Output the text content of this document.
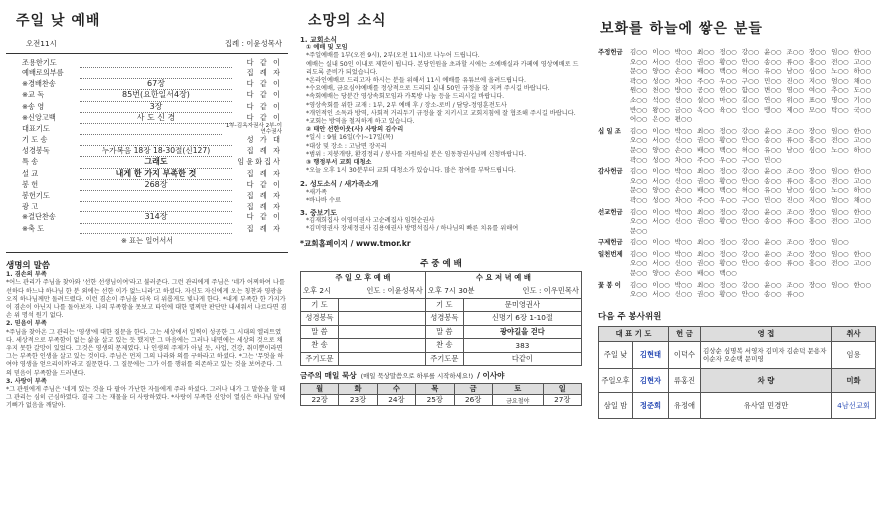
주일 낮 예배
오전11시	집례 : 이윤성목사
조용한기도	다 같 이
예배로의부름	집 례 자
※경배찬송	67장	다 같 이
※교 독	85번(요한일서4장)	다 같 이
※송 영	3장	다 같 이
※신앙고백	사 도 신 경	다 같 이
대표기도	1부-김옥자권사 2부-이연수권사
기 도 송	성 가 대
성경봉독	누가복음 18장 18-30절(신127)	집 례 자
특 송	그래도	임윤화집사
설 교	내게 한 가지 부족한 것	집 례 자
봉 헌	268장	다 같 이
봉헌기도	집 례 자
광 고	집 례 자
※결단찬송	314장	다 같 이
※축 도	집 례 자
※ 표는 일어서서
생명의 말씀
1. 겸손의 부족
*어느 관리가 주님을 찾아와 '선한 선생님이여'라고 불러준다. 그런 관리에게 주님은 '네가 어찌하여 나를 선하다 하느냐 하나님 한 분 외에는 선한 이가 없느니라'고 하셨다. 자신도 자신에게 오는 칭찬과 영광을 오직 하나님께만 돌려드렸다. 이런 겸손이 주님을 더욱 더 위롭게도 빛나게 한다. *내게 부족한 한 가지가 이 겸손이 아닌지 나를 돌아보자. 나의 부족함을 못보고 타인에 대한 멸찌만 판단만 내세워서 나르다면 겸손 위 명석 원기 없다.
2. 믿음이 부족
*주님을 찾아온 그 관리는 '영생'에 대한 질문을 한다. 그는 세상에서 일찍이 성공한 그 시대의 엘리트였다. 세상적으로 부족함이 없는 삶을 살고 있는 듯 했지만 그 마음에는 그러나 내면에는 세상의 것으로 채우지 못한 갈망이 있었다. 그것은 영생의 문제였다. 나 인생의 주제가 아닐 듯, 사업, 건강, 취미뿐이라면 그는 부족한 인생을 살고 있는 것이다. 주님은 먼저 그의 나라와 의를 구하라고 하셨다. *그는 '무엇을 하여야 영생을 얻으리이까'라고 질문한다. 그 질문에는 그가 이를 행위를 의존하고 있는 것을 보여준다. 그의 믿음이 부족함을 드러낸다.
3. 사랑이 부족
*그 관원에게 주님은 '네게 있는 것을 다 팔아 가난한 자들에게 주라 하셨다. 그러나 내가 그 말씀을 할 때 그 관리는 심히 근심하였다. 결국 그는 재물을 더 사랑하였다. *사랑이 부족한 신앙이 열심은 하나님 앞에 기뻐가 없음을 깨달아.
소망의 소식
1. 교회소식
① 예배 및 모임
*주일예배를 1부(오전 9시), 2부(오전 11시)로 나누어 드립니다.
예배는 실내 50인 이내로 제한이 됩니다. 본당인원을 초과할 시에는 소예배실과 카페에 영상예배로 드리도록 준비가 되었습니다.
*온라인예배로 드리고자 하시는 분들 위해서 11시 예배를 유튜브에 올려드립니다.
*수요예배, 금요심야예배를 정상적으로 드리되 실내 50인 규정을 잘 지켜 주시길 바랍니다.
*속회예배는 당분간 영상속회모임과 카톡방 나눔 등을 드리시길 바랍니다.
*영상속회를 위한 교재 : 1부, 2부 예배 후 / 장소-로비 / 담당-정영훈전도사
*개인적인 소독과 방역, 사회적 거리두기 규정을 잘 지키시고 교회지침에 잘 협조해 주시길 바랍니다.
*교회는 방역을 철저하게 하고 있습니다.
② 태안 선한이웃(사) 사랑의 김수리
*일시 : 9월 16일(수)~17일(목)
*대상 및 장소 : 고남면 장곡리
*범위 : 지붕개량, 환경정리 / 봉사를 자원하실 분은 임동창권사님께 신청바랍니다.
③ 행정부서 교회 대청소
*오늘 오후 1시 30분부터 교회 대청소가 있습니다. 많은 참여를 부탁드립니다.
2. 성도소식 / 새가족소개
*새가족
*바나바 수료
3. 중보기도
*김재희집사 이영미권사 고순례집사 임현순권사
*김미영권사 장세정권사 김용애권사 방명석집사 / 하나님의 빠른 치유를 위해여
*교회홈페이지 / www.tmor.kr
주 중 예 배
주 일 오 후 예 배		수 요 저 녁 예 배	

오후 2시 인도 : 이윤성목사		오후 7시 30분 인도 : 이우민목사	

기 도		기 도	문미영권사
성경봉독		성경봉독	신명기 6장 1-10절
말 씀		말 씀	광야길을 걷다
찬 송		찬 송	383
주기도문		주기도문	다같이
금주의 매일 묵상 (매일 묵상말씀으로 하루를 시작하세요!) / 이사야
월	화	수	목	금	토	일
22장	23장	24장	25장	26장	금요철야	27장
보화를 하늘에 쌓은 분들
주정헌금	김○○ 이○○ 박○○ 최○○ 정○○ 강○○ 윤○○ 조○○ 장○○ 임○○ 한○○ 오○○ 서○○ 신○○ 권○○ 황○○ 안○○ 송○○ 류○○ 홍○○ 전○○ 고○○ 문○○ 양○○ 손○○ 배○○ 백○○ 허○○ 유○○ 남○○ 심○○ 노○○ 하○○ 곽○○ 성○○ 차○○ 주○○ 우○○ 구○○ 민○○ 진○○ 지○○ 엄○○ 채○○ 원○○ 천○○ 방○○ 공○○ 현○○ 함○○ 변○○ 염○○ 여○○ 추○○ 도○○ 소○○ 석○○ 선○○ 설○○ 마○○ 길○○ 연○○ 위○○ 표○○ 명○○ 기○○ 반○○ 왕○○ 금○○ 옥○○ 육○○ 인○○ 맹○○ 제○○ 모○○ 탁○○ 국○○ 어○○ 은○○ 편○○
십 일 조	김○○ 이○○ 박○○ 최○○ 정○○ 강○○ 윤○○ 조○○ 장○○ 임○○ 한○○ 오○○ 서○○ 신○○ 권○○ 황○○ 안○○ 송○○ 류○○ 홍○○ 전○○ 고○○ 문○○ 양○○ 손○○ 배○○ 백○○ 허○○ 유○○ 남○○ 심○○ 노○○ 하○○ 곽○○ 성○○ 차○○ 주○○ 우○○ 구○○ 민○○
감사헌금	김○○ 이○○ 박○○ 최○○ 정○○ 강○○ 윤○○ 조○○ 장○○ 임○○ 한○○ 오○○ 서○○ 신○○ 권○○ 황○○ 안○○ 송○○ 류○○ 홍○○ 전○○ 고○○ 문○○ 양○○ 손○○ 배○○ 백○○ 허○○ 유○○ 남○○ 심○○ 노○○ 하○○ 곽○○ 성○○ 차○○ 주○○ 우○○ 구○○ 민○○ 진○○ 지○○ 엄○○ 채○○
선교헌금	김○○ 이○○ 박○○ 최○○ 정○○ 강○○ 윤○○ 조○○ 장○○ 임○○ 한○○ 오○○ 서○○ 신○○ 권○○ 황○○ 안○○ 송○○ 류○○ 홍○○ 전○○ 고○○ 문○○
구제헌금	김○○ 이○○ 박○○ 최○○ 정○○ 강○○ 윤○○ 조○○ 장○○ 임○○
일천번제	김○○ 이○○ 박○○ 최○○ 정○○ 강○○ 윤○○ 조○○ 장○○ 임○○ 한○○ 오○○ 서○○ 신○○ 권○○ 황○○ 안○○ 송○○ 류○○ 홍○○ 전○○ 고○○ 문○○ 양○○ 손○○ 배○○ 백○○
꽃 봉 이	김○○ 이○○ 박○○ 최○○ 정○○ 강○○ 윤○○ 조○○ 장○○ 임○○ 한○○ 오○○ 서○○ 신○○ 권○○ 황○○ 안○○ 송○○ 류○○
다음 주 봉사위원
대 표 기 도		헌 금	영 접	취사
주일 낮	김현태	이덕수	김상순 심명복 서영자 김미자 김순덕 문용자 이순자 오순택 문미영	임용
주일오후	김현자	류홍진	차 량	미화
삼일 밤	정준회	유정애	유사열 민경만	4남선교회
